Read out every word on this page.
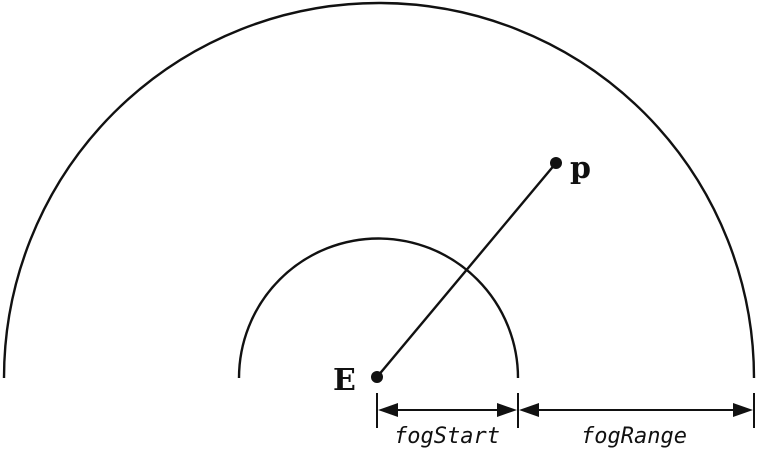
E
p
fogStart	fogRange
